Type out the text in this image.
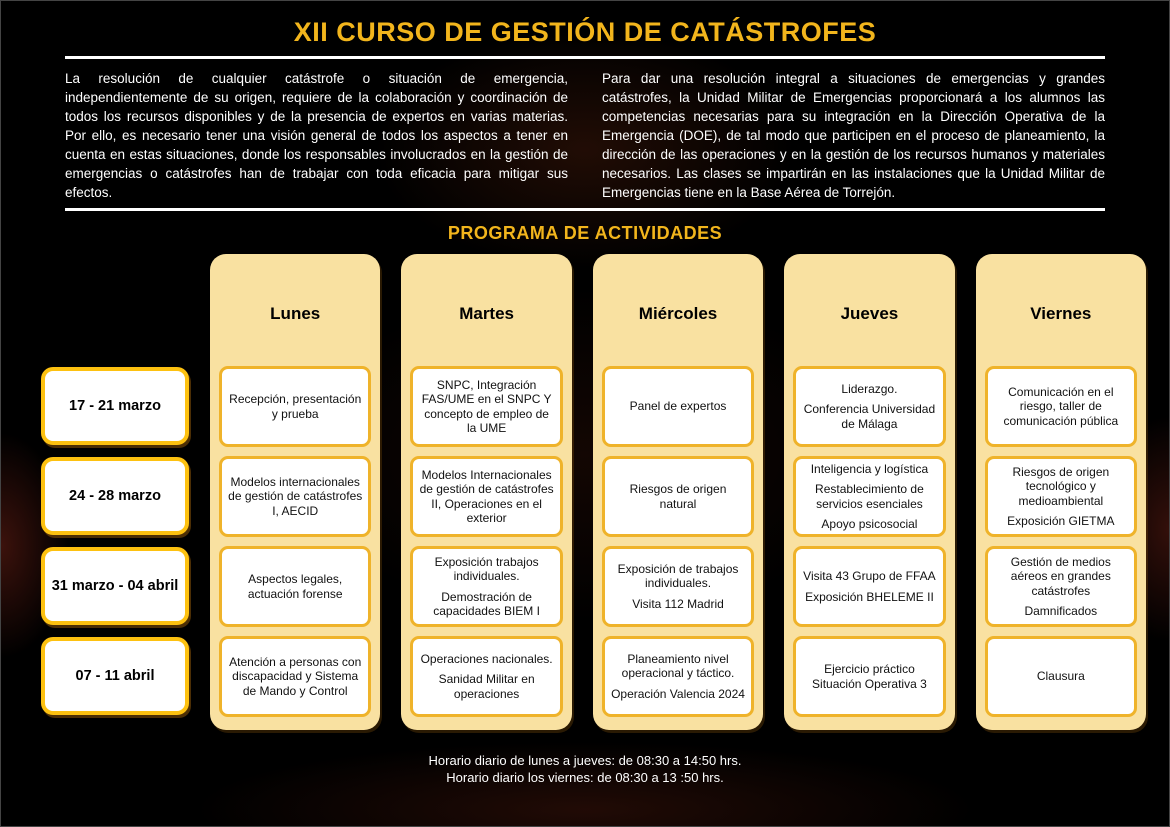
XII CURSO DE GESTIÓN DE CATÁSTROFES

La resolución de cualquier catástrofe o situación de emergencia, independientemente de su origen, requiere de la colaboración y coordinación de todos los recursos disponibles y de la presencia de expertos en varias materias. Por ello, es necesario tener una visión general de todos los aspectos a tener en cuenta en estas situaciones, donde los responsables involucrados en la gestión de emergencias o catástrofes han de trabajar con toda eficacia para mitigar sus efectos.

Para dar una resolución integral a situaciones de emergencias y grandes catástrofes, la Unidad Militar de Emergencias proporcionará a los alumnos las competencias necesarias para su integración en la Dirección Operativa de la Emergencia (DOE), de tal modo que participen en el proceso de planeamiento, la dirección de las operaciones y en la gestión de los recursos humanos y materiales necesarios. Las clases se impartirán en las instalaciones que la Unidad Militar de Emergencias tiene en la Base Aérea de Torrejón.

PROGRAMA DE ACTIVIDADES
17 - 21 marzo
24 - 28 marzo
31 marzo - 04 abril
07 - 11 abril
Lunes
Recepción, presentación y prueba
Modelos internacionales de gestión de catástrofes I, AECID
Aspectos legales, actuación forense
Atención a personas con discapacidad y Sistema de Mando y Control
Martes
SNPC, Integración FAS/UME en el SNPC Y concepto de empleo de la UME
Modelos Internacionales de gestión de catástrofes II, Operaciones en el exterior
Exposición trabajos individuales.
Demostración de capacidades BIEM I
Operaciones nacionales.
Sanidad Militar en operaciones
Miércoles
Panel de expertos
Riesgos de origen natural
Exposición de trabajos individuales.
Visita 112 Madrid
Planeamiento nivel operacional y táctico.
Operación Valencia 2024
Jueves
Liderazgo.
Conferencia Universidad de Málaga
Inteligencia y logística
Restablecimiento de servicios esenciales
Apoyo psicosocial
Visita 43 Grupo de FFAA
Exposición BHELEME II
Ejercicio práctico Situación Operativa 3
Viernes
Comunicación en el riesgo, taller de comunicación pública
Riesgos de origen tecnológico y medioambiental
Exposición GIETMA
Gestión de medios aéreos en grandes catástrofes
Damnificados
Clausura
Horario diario de lunes a jueves: de 08:30 a 14:50 hrs.
Horario diario los viernes: de 08:30 a 13 :50 hrs.
